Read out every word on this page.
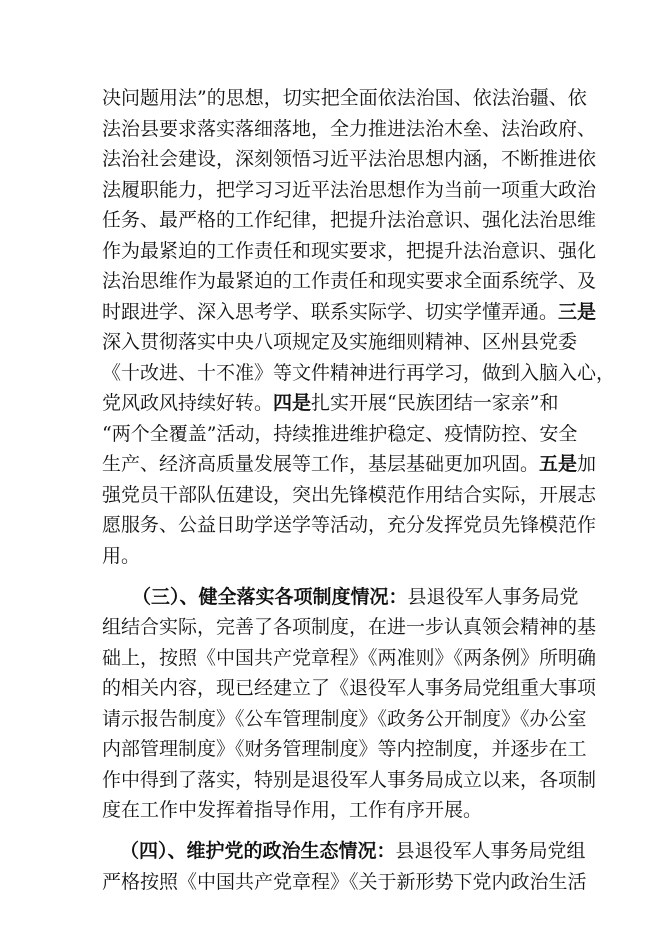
决问题用法”的思想，切实把全面依法治国、依法治疆、依
法治县要求落实落细落地，全力推进法治木垒、法治政府、
法治社会建设，深刻领悟习近平法治思想内涵，不断推进依
法履职能力，把学习习近平法治思想作为当前一项重大政治
任务、最严格的工作纪律，把提升法治意识、强化法治思维
作为最紧迫的工作责任和现实要求，把提升法治意识、强化
法治思维作为最紧迫的工作责任和现实要求全面系统学、及
时跟进学、深入思考学、联系实际学、切实学懂弄通。三是
深入贯彻落实中央八项规定及实施细则精神、区州县党委
《十改进、十不准》等文件精神进行再学习，做到入脑入心，
党风政风持续好转。四是扎实开展“民族团结一家亲”和
“两个全覆盖”活动，持续推进维护稳定、疫情防控、安全
生产、经济高质量发展等工作，基层基础更加巩固。五是加
强党员干部队伍建设，突出先锋模范作用结合实际，开展志
愿服务、公益日助学送学等活动，充分发挥党员先锋模范作
用。
（三）、健全落实各项制度情况：县退役军人事务局党
组结合实际，完善了各项制度，在进一步认真领会精神的基
础上，按照《中国共产党章程》《两准则》《两条例》所明确
的相关内容，现已经建立了《退役军人事务局党组重大事项
请示报告制度》《公车管理制度》《政务公开制度》《办公室
内部管理制度》《财务管理制度》等内控制度，并逐步在工
作中得到了落实，特别是退役军人事务局成立以来，各项制
度在工作中发挥着指导作用，工作有序开展。
（四）、维护党的政治生态情况：县退役军人事务局党组
严格按照《中国共产党章程》《关于新形势下党内政治生活
